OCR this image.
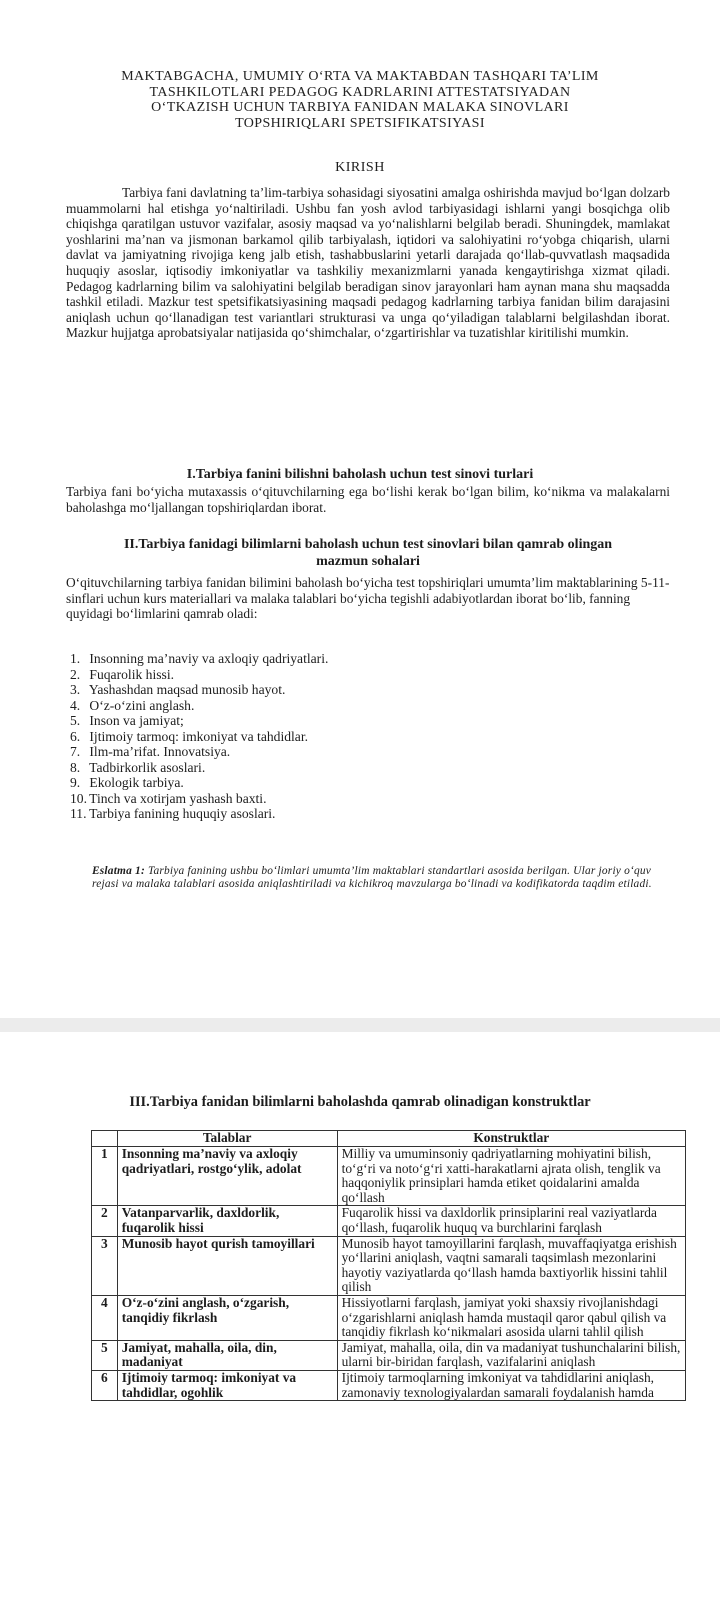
MAKTABGACHA, UMUMIY O‘RTA VA MAKTABDAN TASHQARI TA’LIM
TASHKILOTLARI PEDAGOG KADRLARINI ATTESTATSIYADAN
O‘TKAZISH UCHUN TARBIYA FANIDAN MALAKA SINOVLARI
TOPSHIRIQLARI SPETSIFIKATSIYASI
KIRISH
Tarbiya fani davlatning ta’lim-tarbiya sohasidagi siyosatini amalga oshirishda mavjud bo‘lgan dolzarb muammolarni hal etishga yo‘naltiriladi. Ushbu fan yosh avlod tarbiyasidagi ishlarni yangi bosqichga olib chiqishga qaratilgan ustuvor vazifalar, asosiy maqsad va yo‘nalishlarni belgilab beradi. Shuningdek, mamlakat yoshlarini ma’nan va jismonan barkamol qilib tarbiyalash, iqtidori va salohiyatini ro‘yobga chiqarish, ularni davlat va jamiyatning rivojiga keng jalb etish, tashabbuslarini yetarli darajada qo‘llab-quvvatlash maqsadida huquqiy asoslar, iqtisodiy imkoniyatlar va tashkiliy mexanizmlarni yanada kengaytirishga xizmat qiladi. Pedagog kadrlarning bilim va salohiyatini belgilab beradigan sinov jarayonlari ham aynan mana shu maqsadda tashkil etiladi. Mazkur test spetsifikatsiyasining maqsadi pedagog kadrlarning tarbiya fanidan bilim darajasini aniqlash uchun qo‘llanadigan test variantlari strukturasi va unga qo‘yiladigan talablarni belgilashdan iborat. Mazkur hujjatga aprobatsiyalar natijasida qo‘shimchalar, o‘zgartirishlar va tuzatishlar kiritilishi mumkin.
I.Tarbiya fanini bilishni baholash uchun test sinovi turlari
Tarbiya fani bo‘yicha mutaxassis o‘qituvchilarning ega bo‘lishi kerak bo‘lgan bilim, ko‘nikma va malakalarni baholashga mo‘ljallangan topshiriqlardan iborat.
II.Tarbiya fanidagi bilimlarni baholash uchun test sinovlari bilan qamrab olingan
mazmun sohalari
O‘qituvchilarning tarbiya fanidan bilimini baholash bo‘yicha test topshiriqlari umumta’lim maktablarining 5-11-sinflari uchun kurs materiallari va malaka talablari bo‘yicha tegishli adabiyotlardan iborat bo‘lib, fanning quyidagi bo‘limlarini qamrab oladi:
1. Insonning ma’naviy va axloqiy qadriyatlari.
2. Fuqarolik hissi.
3. Yashashdan maqsad munosib hayot.
4. O‘z-o‘zini anglash.
5. Inson va jamiyat;
6. Ijtimoiy tarmoq: imkoniyat va tahdidlar.
7. Ilm-ma’rifat. Innovatsiya.
8. Tadbirkorlik asoslari.
9. Ekologik tarbiya.
10. Tinch va xotirjam yashash baxti.
11. Tarbiya fanining huquqiy asoslari.
Eslatma 1: Tarbiya fanining ushbu bo‘limlari umumta’lim maktablari standartlari asosida berilgan. Ular joriy o‘quv rejasi va malaka talablari asosida aniqlashtiriladi va kichikroq mavzularga bo‘linadi va kodifikatorda taqdim etiladi.
III.Tarbiya fanidan bilimlarni baholashda qamrab olinadigan konstruktlar
	Talablar	Konstruktlar
1	Insonning ma’naviy va axloqiy qadriyatlari, rostgo‘ylik, adolat	Milliy va umuminsoniy qadriyatlarning mohiyatini bilish, to‘g‘ri va noto‘g‘ri xatti-harakatlarni ajrata olish, tenglik va haqqoniylik prinsiplari hamda etiket qoidalarini amalda qo‘llash
2	Vatanparvarlik, daxldorlik, fuqarolik hissi	Fuqarolik hissi va daxldorlik prinsiplarini real vaziyatlarda qo‘llash, fuqarolik huquq va burchlarini farqlash
3	Munosib hayot qurish tamoyillari	Munosib hayot tamoyillarini farqlash, muvaffaqiyatga erishish yo‘llarini aniqlash, vaqtni samarali taqsimlash mezonlarini hayotiy vaziyatlarda qo‘llash hamda baxtiyorlik hissini tahlil qilish
4	O‘z-o‘zini anglash, o‘zgarish, tanqidiy fikrlash	Hissiyotlarni farqlash, jamiyat yoki shaxsiy rivojlanishdagi o‘zgarishlarni aniqlash hamda mustaqil qaror qabul qilish va tanqidiy fikrlash ko‘nikmalari asosida ularni tahlil qilish
5	Jamiyat, mahalla, oila, din, madaniyat	Jamiyat, mahalla, oila, din va madaniyat tushunchalarini bilish, ularni bir-biridan farqlash, vazifalarini aniqlash
6	Ijtimoiy tarmoq: imkoniyat va tahdidlar, ogohlik	Ijtimoiy tarmoqlarning imkoniyat va tahdidlarini aniqlash, zamonaviy texnologiyalardan samarali foydalanish hamda
